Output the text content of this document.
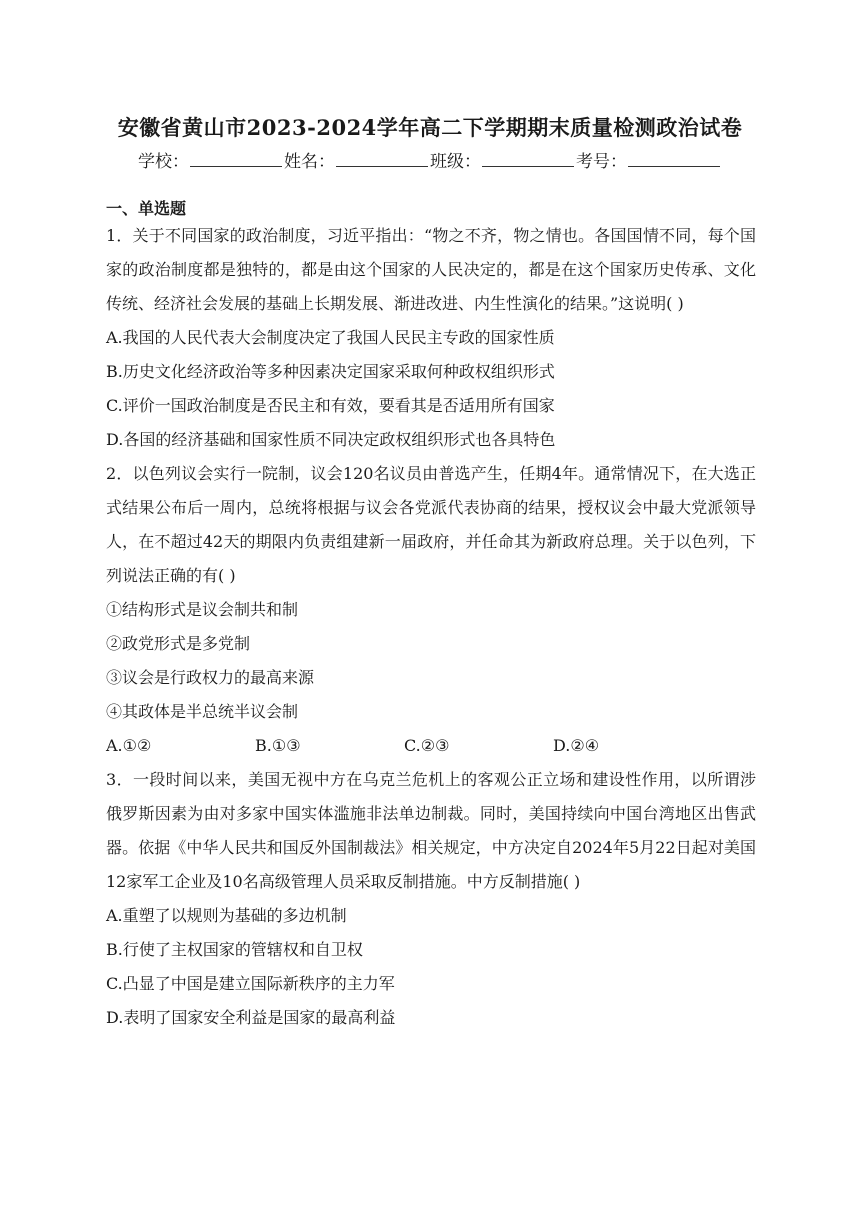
安徽省黄山市2023-2024学年高二下学期期末质量检测政治试卷
学校：	姓名：	班级：	考号：
一、单选题

1．关于不同国家的政治制度，习近平指出：“物之不齐，物之情也。各国国情不同，每个国家的政治制度都是独特的，都是由这个国家的人民决定的，都是在这个国家历史传承、文化传统、经济社会发展的基础上长期发展、渐进改进、内生性演化的结果。”这说明( )

A.我国的人民代表大会制度决定了我国人民民主专政的国家性质

B.历史文化经济政治等多种因素决定国家采取何种政权组织形式

C.评价一国政治制度是否民主和有效，要看其是否适用所有国家

D.各国的经济基础和国家性质不同决定政权组织形式也各具特色

2．以色列议会实行一院制，议会120名议员由普选产生，任期4年。通常情况下，在大选正式结果公布后一周内，总统将根据与议会各党派代表协商的结果，授权议会中最大党派领导人，在不超过42天的期限内负责组建新一届政府，并任命其为新政府总理。关于以色列，下列说法正确的有( )

①结构形式是议会制共和制

②政党形式是多党制

③议会是行政权力的最高来源

④其政体是半总统半议会制

A.①②	B.①③	C.②③	D.②④

3．一段时间以来，美国无视中方在乌克兰危机上的客观公正立场和建设性作用，以所谓涉俄罗斯因素为由对多家中国实体滥施非法单边制裁。同时，美国持续向中国台湾地区出售武器。依据《中华人民共和国反外国制裁法》相关规定，中方决定自2024年5月22日起对美国12家军工企业及10名高级管理人员采取反制措施。中方反制措施( )

A.重塑了以规则为基础的多边机制

B.行使了主权国家的管辖权和自卫权

C.凸显了中国是建立国际新秩序的主力军

D.表明了国家安全利益是国家的最高利益
